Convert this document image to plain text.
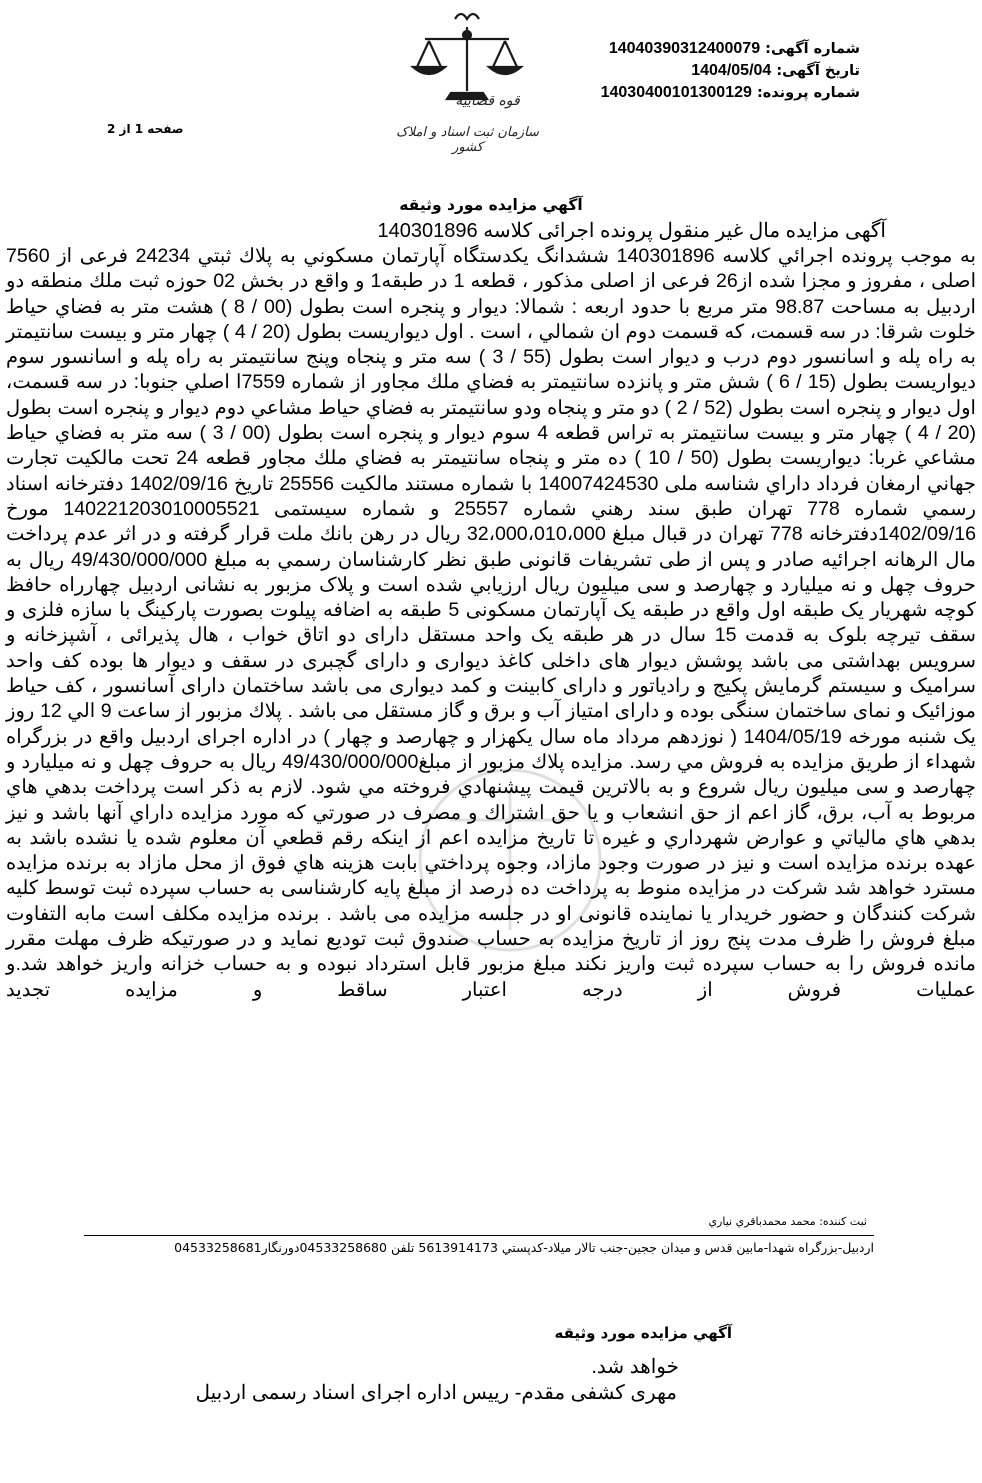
شماره آگهی: 14040390312400079
تاریخ آگهی: 1404/05/04
شماره پرونده: 14030400101300129
صفحه 1 از 2
قوه قضاییه
سازمان ثبت اسناد و املاک کشور
آگهي مزايده مورد وثيقه
آگهی مزایده مال غیر منقول پرونده اجرائی کلاسه 140301896

به موجب پرونده اجرائي كلاسه 140301896 ششدانگ يكدستگاه آپارتمان مسكوني به پلاك ثبتي 24234 فرعی از 7560 اصلی ، مفروز و مجزا شده از26 فرعی از اصلی مذکور ، قطعه 1 در طبقه1 و واقع در بخش 02 حوزه ثبت ملك منطقه دو اردبيل به مساحت 98.87 متر مربع با حدود اربعه : شمالا: ديوار و پنجره است بطول (00 / 8 ) هشت متر به فضاي حياط خلوت شرقا: در سه قسمت، كه قسمت دوم ان شمالي ، است . اول ديواريست بطول (20 / 4 ) چهار متر و بيست سانتيمتر به راه پله و اسانسور دوم درب و ديوار است بطول (55 / 3 ) سه متر و پنجاه وپنج سانتيمتر به راه پله و اسانسور سوم ديواريست بطول (15 / 6 ) شش متر و پانزده سانتيمتر به فضاي ملك مجاور از شماره 7559ا اصلي جنوبا: در سه قسمت، اول ديوار و پنجره است بطول (52 / 2 ) دو متر و پنجاه ودو سانتيمتر به فضاي حياط مشاعي دوم ديوار و پنجره است بطول (20 / 4 ) چهار متر و بيست سانتيمتر به تراس قطعه 4 سوم ديوار و پنجره است بطول (00 / 3 ) سه متر به فضاي حياط مشاعي غربا: ديواريست بطول (50 / 10 ) ده متر و پنجاه سانتيمتر به فضاي ملك مجاور قطعه 24 تحت مالكيت تجارت جهاني ارمغان فرداد داراي شناسه ملی 14007424530 با شماره مستند مالکیت 25556 تاريخ 1402/09/16 دفترخانه اسناد رسمي شماره 778 تهران طبق سند رهني شماره 25557 و شماره سيستمی 140221203010005521 مورخ 1402/09/16دفترخانه 778 تهران در قبال مبلغ 32،000،010،000 ريال در رهن بانك ملت قرار گرفته و در اثر عدم پرداخت مال الرهانه اجرائيه صادر و پس از طی تشريفات قانونی طبق نظر كارشناسان رسمي به مبلغ 49/430/000/000 ريال به حروف چهل و نه ميليارد و چهارصد و سی ميليون ريال ارزيابي شده است و پلاک مزبور به نشانی اردبیل چهارراه حافظ کوچه شهریار یک طبقه اول واقع در طبقه یک آپارتمان مسکونی 5 طبقه به اضافه پیلوت بصورت پارکینگ با سازه فلزی و سقف تیرچه بلوک به قدمت 15 سال در هر طبقه یک واحد مستقل دارای دو اتاق خواب ، هال پذیرائی ، آشپزخانه و سرویس بهداشتی می باشد پوشش دیوار های داخلی کاغذ دیواری و دارای گچبری در سقف و دیوار ها بوده کف واحد سرامیک و سیستم گرمایش پکیج و رادیاتور و دارای کابینت و کمد دیواری می باشد ساختمان دارای آسانسور ، کف حیاط موزائیک و نمای ساختمان سنگی بوده و دارای امتیاز آب و برق و گاز مستقل می باشد . پلاك مزبور از ساعت 9 الي 12 روز یک شنبه مورخه 1404/05/19 ( نوزدهم مرداد ماه سال یکهزار و چهارصد و چهار ) در اداره اجرای اردبیل واقع در بزرگراه شهداء از طريق مزايده به فروش مي رسد. مزايده پلاك مزبور از مبلغ49/430/000/000 ريال به حروف چهل و نه ميليارد و چهارصد و سی ميليون ريال شروع و به بالاترين قيمت پيشنهادي فروخته مي شود. لازم به ذكر است پرداخت بدهي هاي مربوط به آب، برق، گاز اعم از حق انشعاب و يا حق اشتراك و مصرف در صورتي كه مورد مزايده داراي آنها باشد و نيز بدهي هاي مالياتي و عوارض شهرداري و غيره تا تاريخ مزايده اعم از اينكه رقم قطعي آن معلوم شده يا نشده باشد به عهده برنده مزايده است و نيز در صورت وجود مازاد، وجوه پرداختي بابت هزينه هاي فوق از محل مازاد به برنده مزايده مسترد خواهد شد شرکت در مزایده منوط به پرداخت ده درصد از مبلغ پایه کارشناسی به حساب سپرده ثبت توسط کلیه شرکت کنندگان و حضور خریدار یا نماینده قانونی او در جلسه مزایده می باشد . برنده مزایده مکلف است مابه التفاوت مبلغ فروش را ظرف مدت پنج روز از تاریخ مزایده به حساب صندوق ثبت تودیع نماید و در صورتیکه ظرف مهلت مقرر مانده فروش را به حساب سپرده ثبت واریز نکند مبلغ مزبور قابل استرداد نبوده و به حساب خزانه واریز خواهد شد.و عملیات فروش از درجه اعتبار ساقط و مزایده تجدید

ثبت کننده: محمد محمدباقري نياري
اردبيل-بزرگراه شهدا-مابين قدس و ميدان ججين-جنب تالار ميلاد-كدپستي 5613914173 تلفن 04533258680دورنگار04533258681
آگهي مزايده مورد وثيقه
خواهد شد.
مهری کشفی مقدم- ریيس اداره اجرای اسناد رسمی اردبیل
